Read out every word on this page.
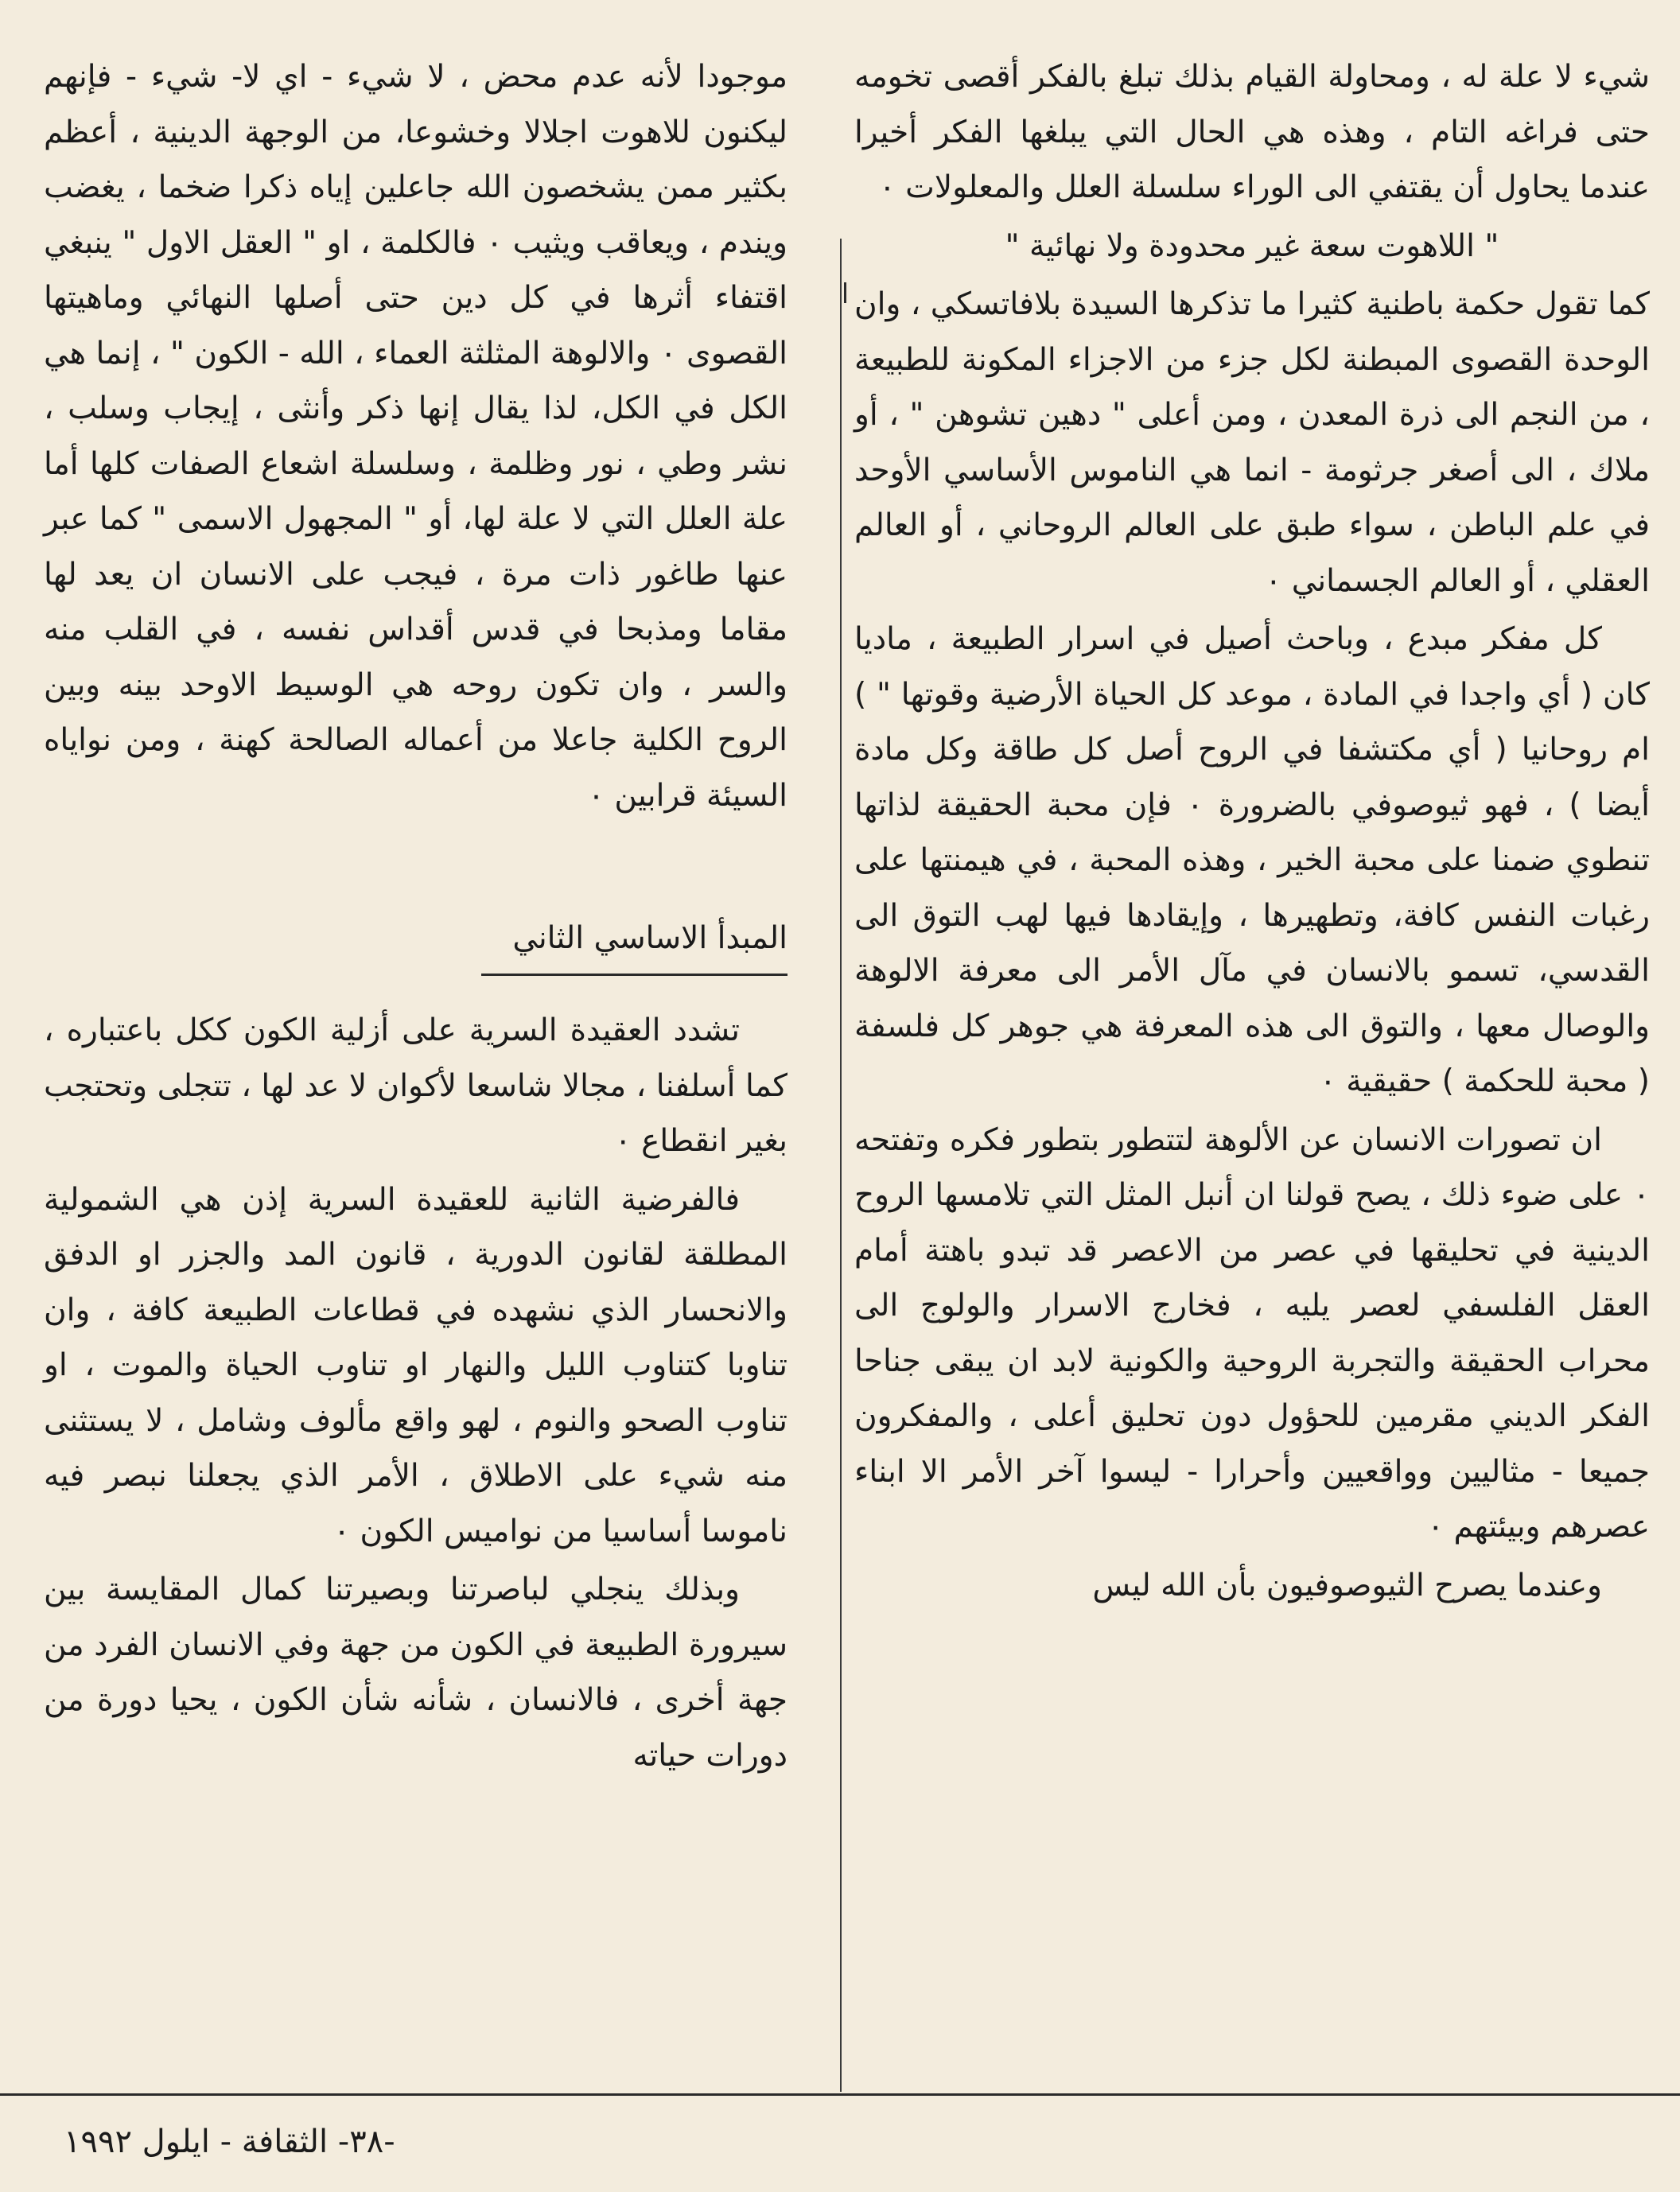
شيء لا علة له ، ومحاولة القيام بذلك تبلغ بالفكر أقصى تخومه حتى فراغه التام ، وهذه هي الحال التي يبلغها الفكر أخيرا عندما يحاول أن يقتفي الى الوراء سلسلة العلل والمعلولات ٠

" اللاهوت سعة غير محدودة ولا نهائية "

كما تقول حكمة باطنية كثيرا ما تذكرها السيدة بلافاتسكي ، وان الوحدة القصوى المبطنة لكل جزء من الاجزاء المكونة للطبيعة ، من النجم الى ذرة المعدن ، ومن أعلى " دهين تشوهن " ، أو ملاك ، الى أصغر جرثومة - انما هي الناموس الأساسي الأوحد في علم الباطن ، سواء طبق على العالم الروحاني ، أو العالم العقلي ، أو العالم الجسماني ٠

كل مفكر مبدع ، وباحث أصيل في اسرار الطبيعة ، ماديا كان ( أي واجدا في المادة ، موعد كل الحياة الأرضية وقوتها " ) ام روحانيا ( أي مكتشفا في الروح أصل كل طاقة وكل مادة أيضا ) ، فهو ثيوصوفي بالضرورة ٠ فإن محبة الحقيقة لذاتها تنطوي ضمنا على محبة الخير ، وهذه المحبة ، في هيمنتها على رغبات النفس كافة، وتطهيرها ، وإيقادها فيها لهب التوق الى القدسي، تسمو بالانسان في مآل الأمر الى معرفة الالوهة والوصال معها ، والتوق الى هذه المعرفة هي جوهر كل فلسفة ( محبة للحكمة ) حقيقية ٠

ان تصورات الانسان عن الألوهة لتتطور بتطور فكره وتفتحه ٠ على ضوء ذلك ، يصح قولنا ان أنبل المثل التي تلامسها الروح الدينية في تحليقها في عصر من الاعصر قد تبدو باهتة أمام العقل الفلسفي لعصر يليه ، فخارج الاسرار والولوج الى محراب الحقيقة والتجربة الروحية والكونية لابد ان يبقى جناحا الفكر الديني مقرمين للحؤول دون تحليق أعلى ، والمفكرون جميعا - مثاليين وواقعيين وأحرارا - ليسوا آخر الأمر الا ابناء عصرهم وبيئتهم ٠

وعندما يصرح الثيوصوفيون بأن الله ليس

موجودا لأنه عدم محض ، لا شيء - اي لا- شيء - فإنهم ليكنون للاهوت اجلالا وخشوعا، من الوجهة الدينية ، أعظم بكثير ممن يشخصون الله جاعلين إياه ذكرا ضخما ، يغضب ويندم ، ويعاقب ويثيب ٠ فالكلمة ، او " العقل الاول " ينبغي اقتفاء أثرها في كل دين حتى أصلها النهائي وماهيتها القصوى ٠ والالوهة المثلثة العماء ، الله - الكون " ، إنما هي الكل في الكل، لذا يقال إنها ذكر وأنثى ، إيجاب وسلب ، نشر وطي ، نور وظلمة ، وسلسلة اشعاع الصفات كلها أما علة العلل التي لا علة لها، أو " المجهول الاسمى " كما عبر عنها طاغور ذات مرة ، فيجب على الانسان ان يعد لها مقاما ومذبحا في قدس أقداس نفسه ، في القلب منه والسر ، وان تكون روحه هي الوسيط الاوحد بينه وبين الروح الكلية جاعلا من أعماله الصالحة كهنة ، ومن نواياه السيئة قرابين ٠

المبدأ الاساسي الثاني

تشدد العقيدة السرية على أزلية الكون ككل باعتباره ، كما أسلفنا ، مجالا شاسعا لأكوان لا عد لها ، تتجلى وتحتجب بغير انقطاع ٠

فالفرضية الثانية للعقيدة السرية إذن هي الشمولية المطلقة لقانون الدورية ، قانون المد والجزر او الدفق والانحسار الذي نشهده في قطاعات الطبيعة كافة ، وان تناوبا كتناوب الليل والنهار او تناوب الحياة والموت ، او تناوب الصحو والنوم ، لهو واقع مألوف وشامل ، لا يستثنى منه شيء على الاطلاق ، الأمر الذي يجعلنا نبصر فيه ناموسا أساسيا من نواميس الكون ٠

وبذلك ينجلي لباصرتنا وبصيرتنا كمال المقايسة بين سيرورة الطبيعة في الكون من جهة وفي الانسان الفرد من جهة أخرى ، فالانسان ، شأنه شأن الكون ، يحيا دورة من دورات حياته

-٣٨- الثقافة - ايلول ١٩٩٢
